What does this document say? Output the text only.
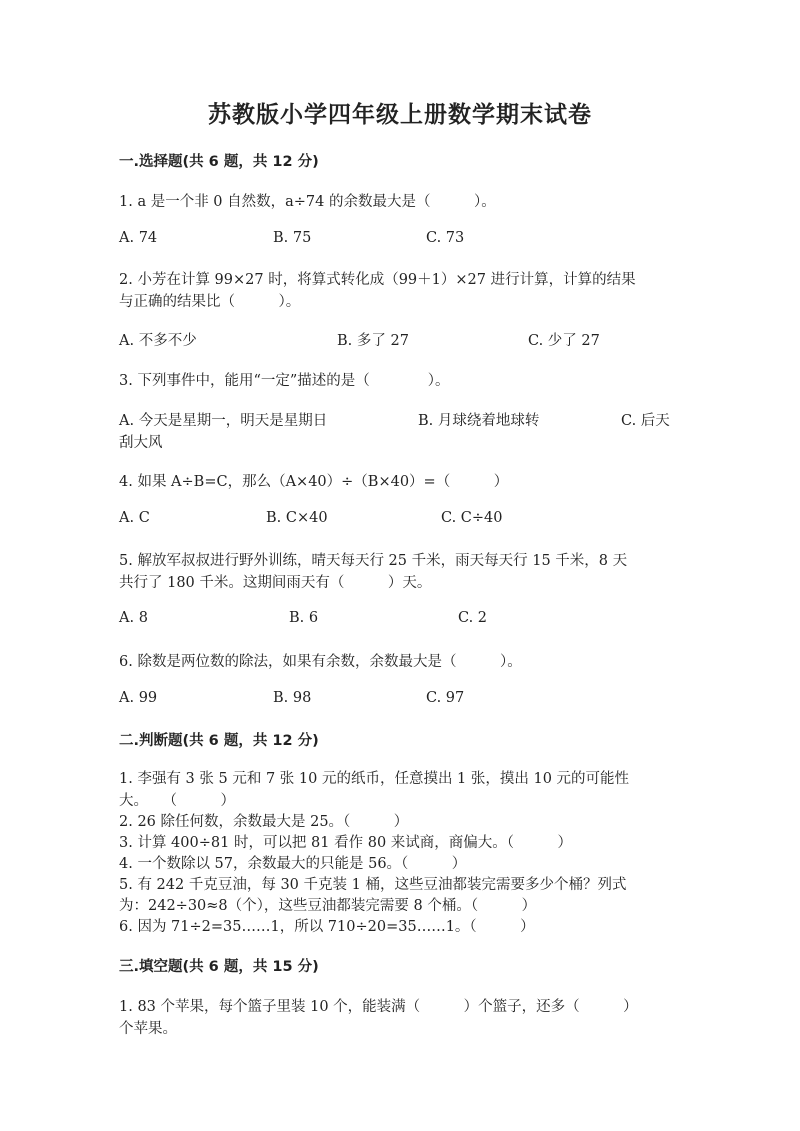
苏教版小学四年级上册数学期末试卷
一.选择题(共 6 题，共 12 分)
1. a 是一个非 0 自然数，a÷74 的余数最大是（　　　）。
A. 74	B. 75	C. 73
2. 小芳在计算 99×27 时，将算式转化成（99＋1）×27 进行计算，计算的结果
与正确的结果比（　　　）。
A. 不多不少	B. 多了 27	C. 少了 27
3. 下列事件中，能用“一定”描述的是（　　　　）。
A. 今天是星期一，明天是星期日	B. 月球绕着地球转	C. 后天
刮大风
4. 如果 A÷B=C，那么（A×40）÷（B×40）=（　　　）
A. C	B. C×40	C. C÷40
5. 解放军叔叔进行野外训练，晴天每天行 25 千米，雨天每天行 15 千米，8 天
共行了 180 千米。这期间雨天有（　　　）天。
A. 8	B. 6	C. 2
6. 除数是两位数的除法，如果有余数，余数最大是（　　　）。
A. 99	B. 98	C. 97
二.判断题(共 6 题，共 12 分)
1. 李强有 3 张 5 元和 7 张 10 元的纸币，任意摸出 1 张，摸出 10 元的可能性
大。　　（　　　）
2. 26 除任何数，余数最大是 25。（　　　）
3. 计算 400÷81 时，可以把 81 看作 80 来试商，商偏大。（　　　）
4. 一个数除以 57，余数最大的只能是 56。（　　　）
5. 有 242 千克豆油，每 30 千克装 1 桶，这些豆油都装完需要多少个桶？列式
为：242÷30≈8（个），这些豆油都装完需要 8 个桶。（　　　）
6. 因为 71÷2=35……1，所以 710÷20=35……1。（　　　）
三.填空题(共 6 题，共 15 分)
1. 83 个苹果，每个篮子里装 10 个，能装满（　　　）个篮子，还多（　　　）
个苹果。
